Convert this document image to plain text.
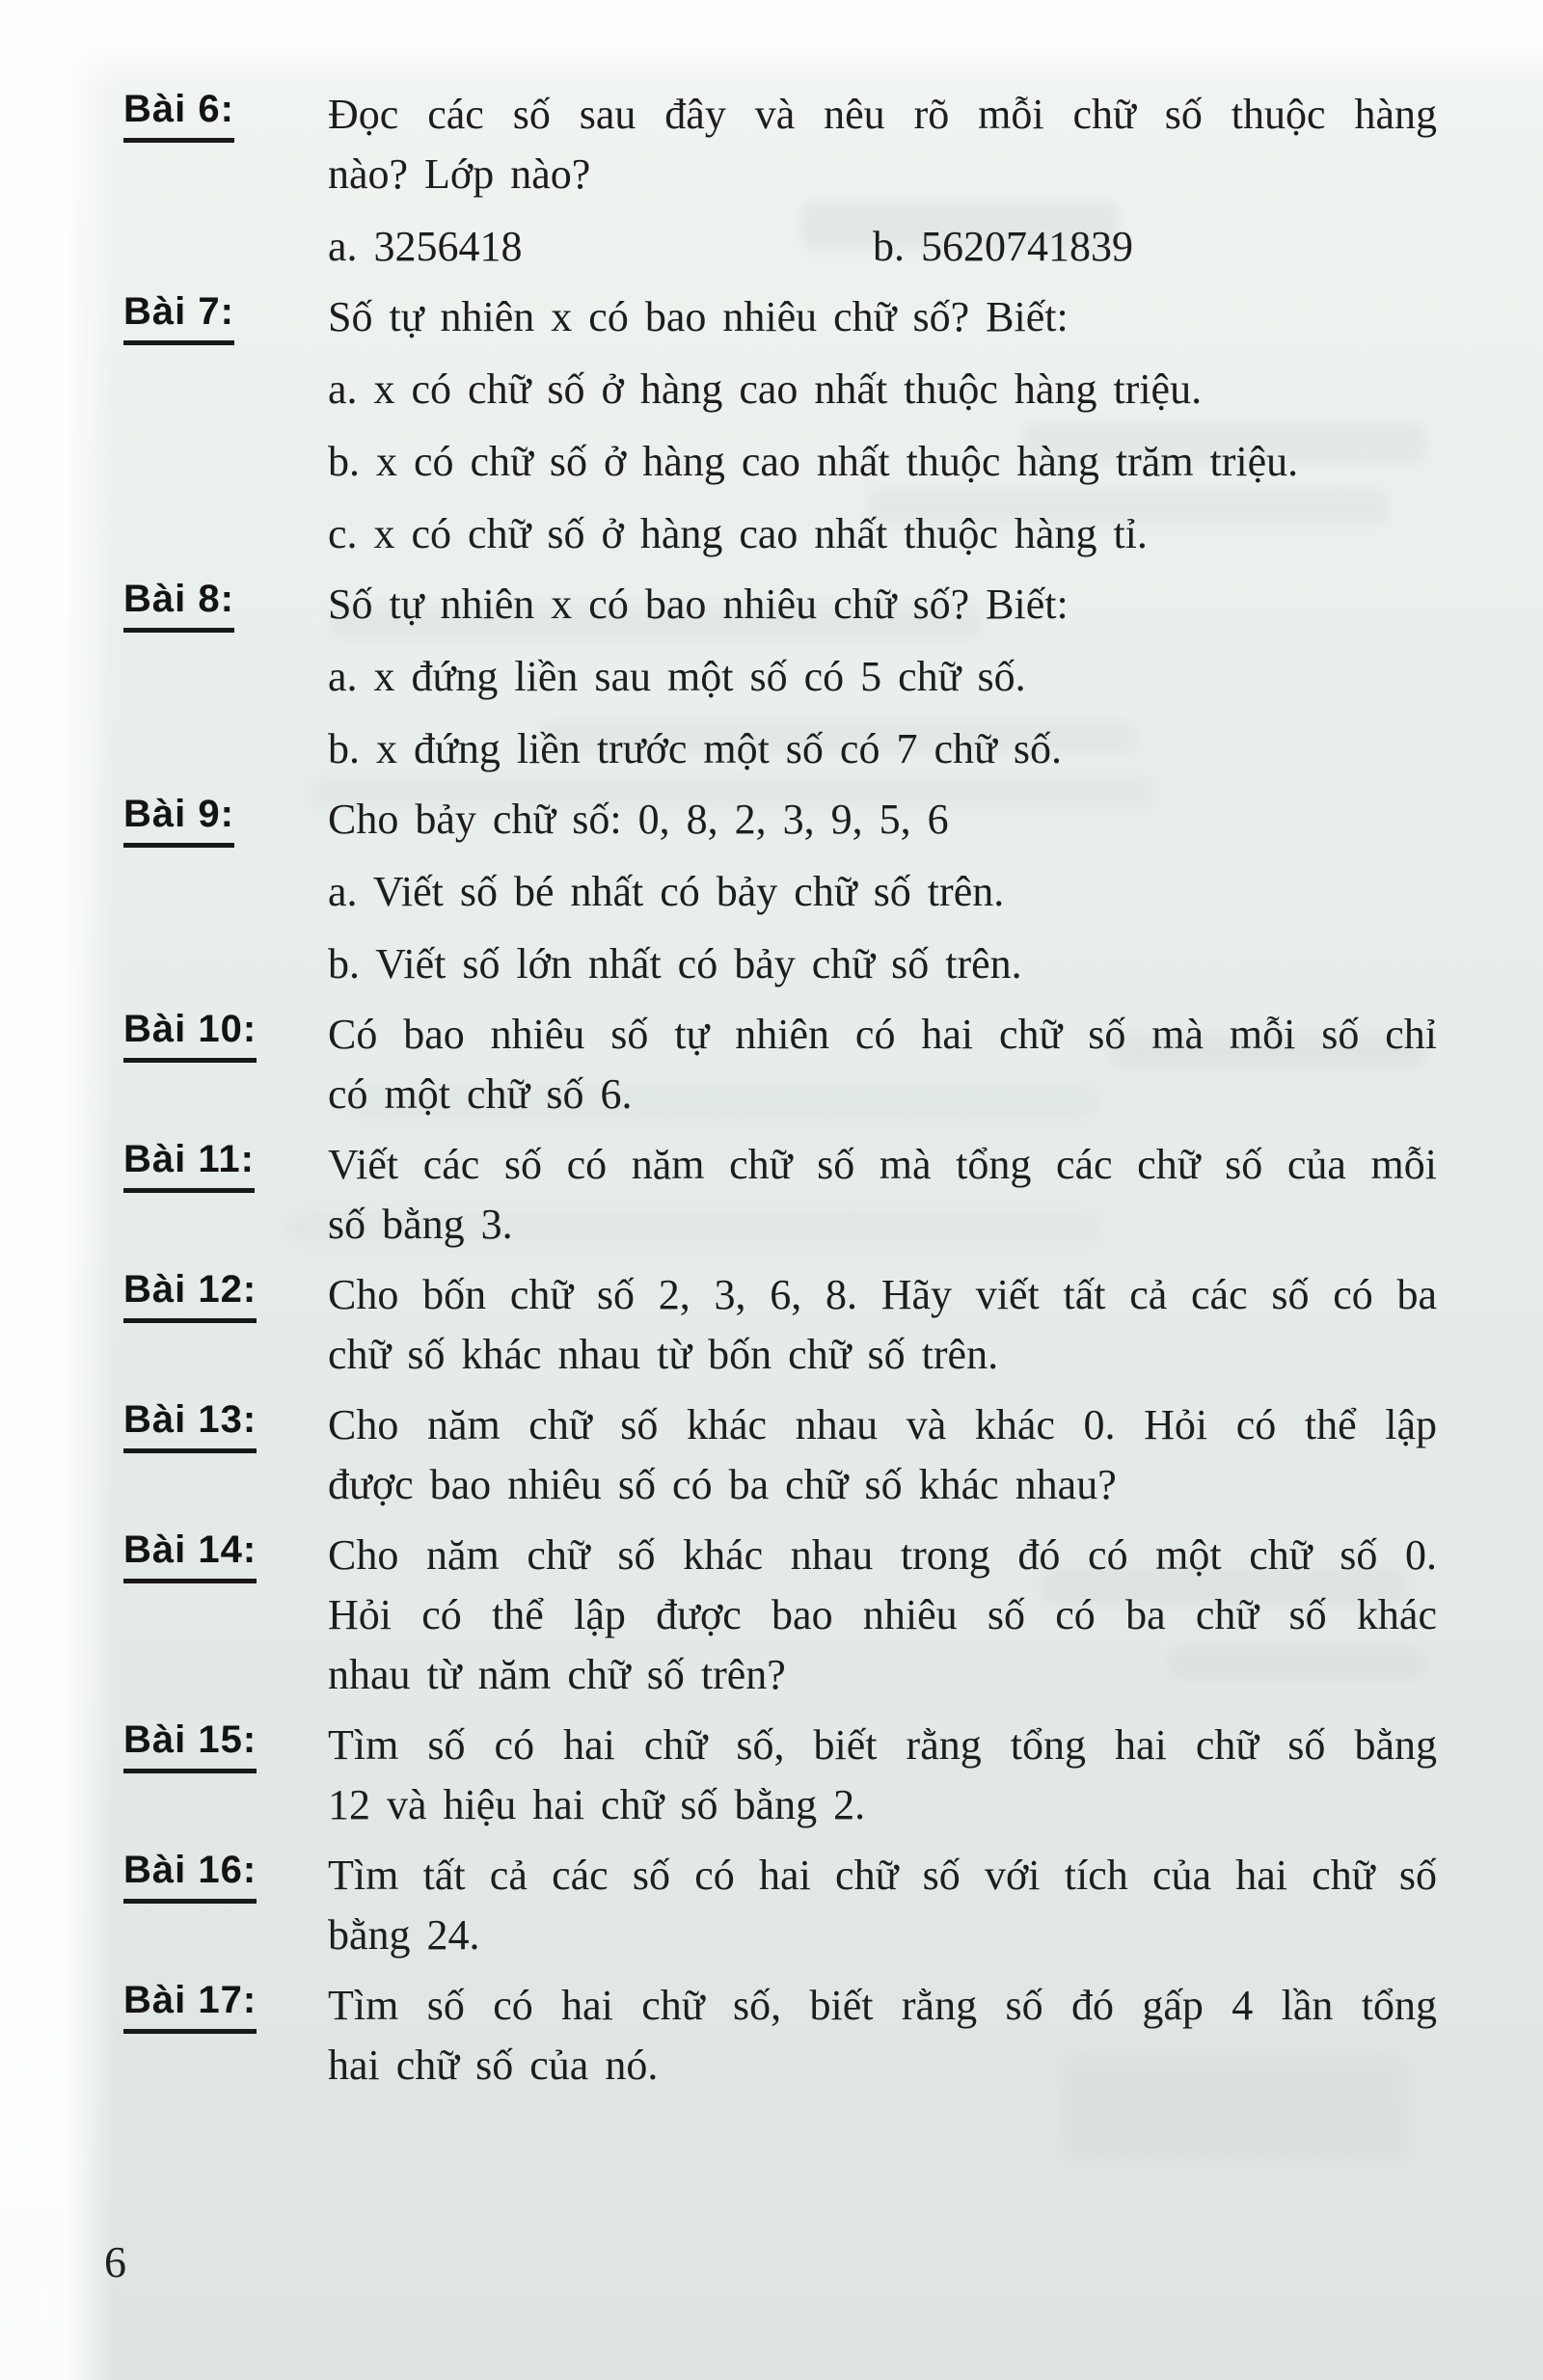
Bài 6:	Đọc các số sau đây và nêu rõ mỗi chữ số thuộc hàng
nào? Lớp nào?
a. 3256418	b. 5620741839
Bài 7:	Số tự nhiên x có bao nhiêu chữ số? Biết:
a. x có chữ số ở hàng cao nhất thuộc hàng triệu.
b. x có chữ số ở hàng cao nhất thuộc hàng trăm triệu.
c. x có chữ số ở hàng cao nhất thuộc hàng tỉ.
Bài 8:	Số tự nhiên x có bao nhiêu chữ số? Biết:
a. x đứng liền sau một số có 5 chữ số.
b. x đứng liền trước một số có 7 chữ số.
Bài 9:	Cho bảy chữ số: 0, 8, 2, 3, 9, 5, 6
a. Viết số bé nhất có bảy chữ số trên.
b. Viết số lớn nhất có bảy chữ số trên.
Bài 10:	Có bao nhiêu số tự nhiên có hai chữ số mà mỗi số chỉ
có một chữ số 6.
Bài 11:	Viết các số có năm chữ số mà tổng các chữ số của mỗi
số bằng 3.
Bài 12:	Cho bốn chữ số 2, 3, 6, 8. Hãy viết tất cả các số có ba
chữ số khác nhau từ bốn chữ số trên.
Bài 13:	Cho năm chữ số khác nhau và khác 0. Hỏi có thể lập
được bao nhiêu số có ba chữ số khác nhau?
Bài 14:	Cho năm chữ số khác nhau trong đó có một chữ số 0.
Hỏi có thể lập được bao nhiêu số có ba chữ số khác
nhau từ năm chữ số trên?
Bài 15:	Tìm số có hai chữ số, biết rằng tổng hai chữ số bằng
12 và hiệu hai chữ số bằng 2.
Bài 16:	Tìm tất cả các số có hai chữ số với tích của hai chữ số
bằng 24.
Bài 17:	Tìm số có hai chữ số, biết rằng số đó gấp 4 lần tổng
hai chữ số của nó.
6
